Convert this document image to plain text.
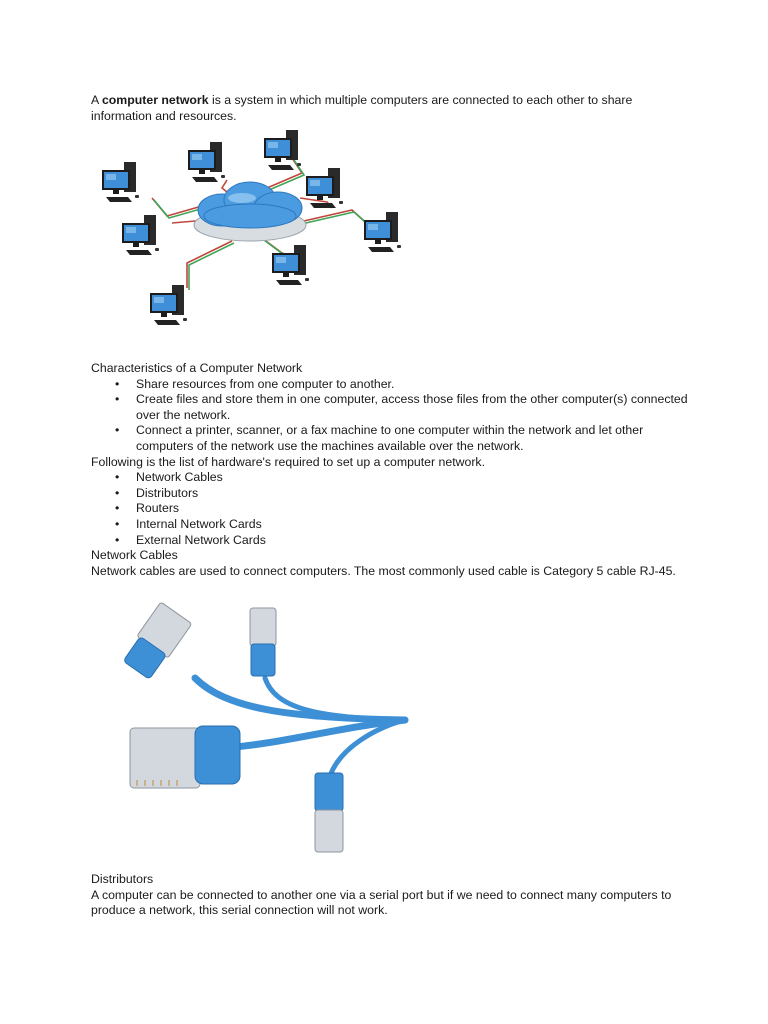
A computer network is a system in which multiple computers are connected to each other to share information and resources.

Characteristics of a Computer Network
• Share resources from one computer to another.
• Create files and store them in one computer, access those files from the other computer(s) connected over the network.
• Connect a printer, scanner, or a fax machine to one computer within the network and let other computers of the network use the machines available over the network.
Following is the list of hardware's required to set up a computer network.
• Network Cables
• Distributors
• Routers
• Internal Network Cards
• External Network Cards
Network Cables
Network cables are used to connect computers. The most commonly used cable is Category 5 cable RJ-45.
Distributors
A computer can be connected to another one via a serial port but if we need to connect many computers to produce a network, this serial connection will not work.
